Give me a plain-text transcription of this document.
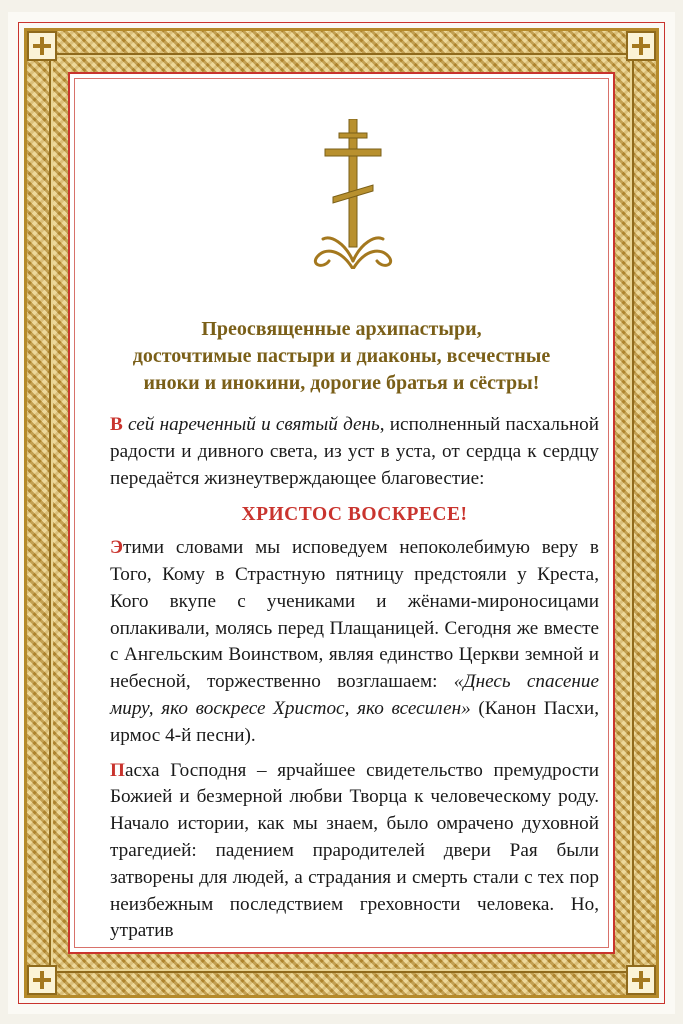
Преосвященные архипастыри,
досточтимые пастыри и диаконы, всечестные
иноки и инокини, дорогие братья и сёстры!

В сей нареченный и святый день, исполненный пасхальной радости и дивного света, из уст в уста, от сердца к сердцу передаётся жизнеутверждающее благовестие:

ХРИСТОС ВОСКРЕСЕ!

Этими словами мы исповедуем непоколебимую веру в Того, Кому в Страстную пятницу предстояли у Креста, Кого вкупе с учениками и жёнами-мироносицами оплакивали, молясь перед Плащаницей. Сегодня же вместе с Ангельским Воинством, являя единство Церкви земной и небесной, торжественно возглашаем: «Днесь спасение миру, яко воскресе Христос, яко всесилен» (Канон Пасхи, ирмос 4-й песни).

Пасха Господня – ярчайшее свидетельство премудрости Божией и безмерной любви Творца к человеческому роду. Начало истории, как мы знаем, было омрачено духовной трагедией: падением прародителей двери Рая были затворены для людей, а страдания и смерть стали с тех пор неизбежным последствием греховности человека. Но, утратив
